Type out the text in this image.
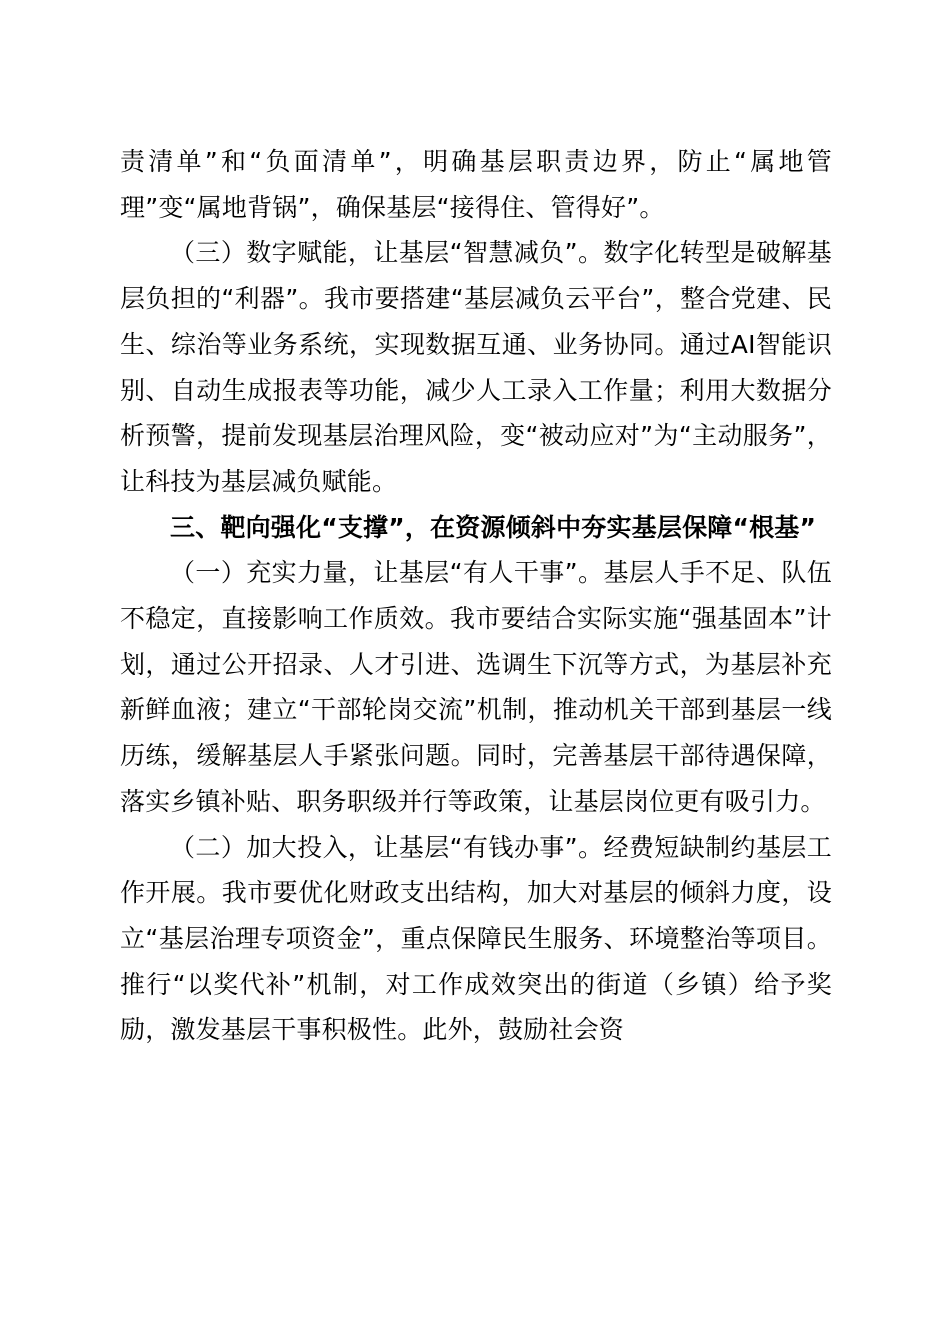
责清单”和“负面清单”，明确基层职责边界，防止“属地管理”变“属地背锅”，确保基层“接得住、管得好”。

（三）数字赋能，让基层“智慧减负”。数字化转型是破解基层负担的“利器”。我市要搭建“基层减负云平台”，整合党建、民生、综治等业务系统，实现数据互通、业务协同。通过AI智能识别、自动生成报表等功能，减少人工录入工作量；利用大数据分析预警，提前发现基层治理风险，变“被动应对”为“主动服务”，让科技为基层减负赋能。

三、靶向强化“支撑”，在资源倾斜中夯实基层保障“根基”

（一）充实力量，让基层“有人干事”。基层人手不足、队伍不稳定，直接影响工作质效。我市要结合实际实施“强基固本”计划，通过公开招录、人才引进、选调生下沉等方式，为基层补充新鲜血液；建立“干部轮岗交流”机制，推动机关干部到基层一线历练，缓解基层人手紧张问题。同时，完善基层干部待遇保障，落实乡镇补贴、职务职级并行等政策，让基层岗位更有吸引力。

（二）加大投入，让基层“有钱办事”。经费短缺制约基层工作开展。我市要优化财政支出结构，加大对基层的倾斜力度，设立“基层治理专项资金”，重点保障民生服务、环境整治等项目。推行“以奖代补”机制，对工作成效突出的街道（乡镇）给予奖励，激发基层干事积极性。此外，鼓励社会资
